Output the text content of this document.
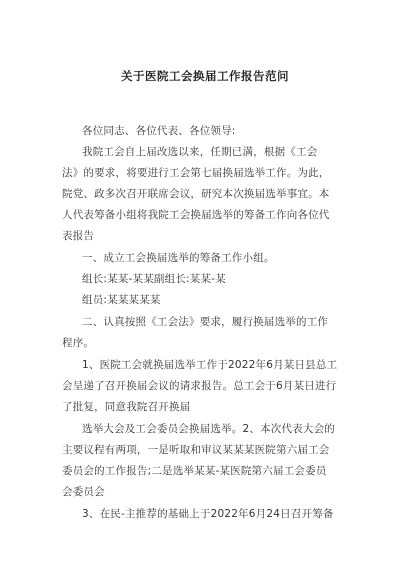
关于医院工会换届工作报告范问
各位同志、各位代表、各位领导:
我院工会自上届改选以来，任期已满，根据《工会
法》的要求，将要进行工会第七届换届选举工作。为此，
院党、政多次召开联席会议，研究本次换届选举事宜。本
人代表筹备小组将我院工会换届选举的筹备工作向各位代
表报告
一、成立工会换届选举的筹备工作小组。
组长:某某-某某副组长:某某-某
组员:某某某某某
二、认真按照《工会法》要求，履行换届选举的工作
程序。
1、医院工会就换届选举工作于2022年6月某日县总工
会呈递了召开换届会议的请求报告。总工会于6月某日进行
了批复，同意我院召开换届
选举大会及工会委员会换届选举。2、本次代表大会的
主要议程有两项，一是听取和审议某某某医院第六届工会
委员会的工作报告;二是选举某某-某医院第六届工会委员
会委员会
3、在民-主推荐的基础上于2022年6月24日召开筹备
